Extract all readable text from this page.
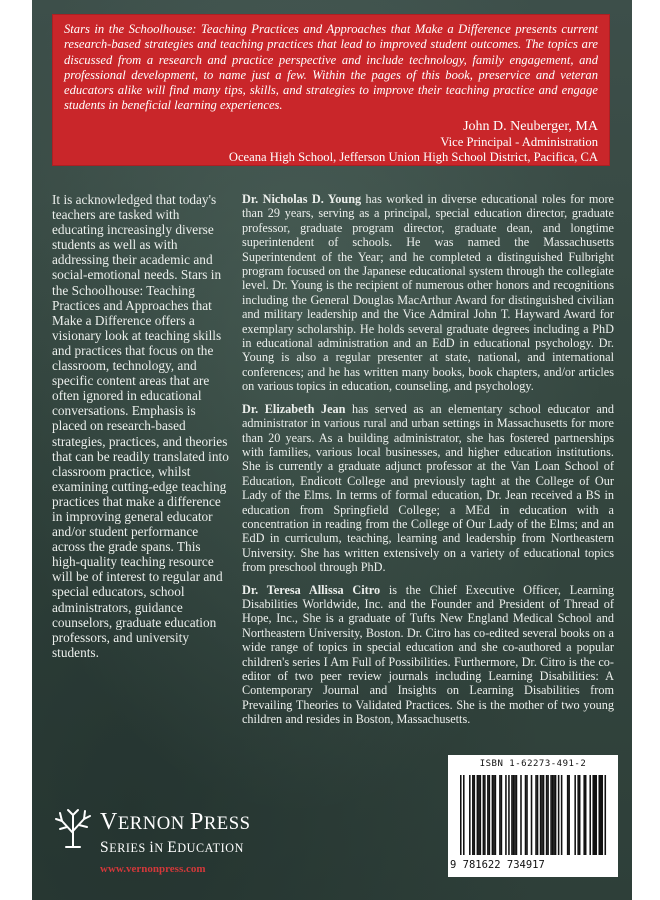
Stars in the Schoolhouse: Teaching Practices and Approaches that Make a Difference presents current research-based strategies and teaching practices that lead to improved student outcomes. The topics are discussed from a research and practice perspective and include technology, family engagement, and professional development, to name just a few. Within the pages of this book, preservice and veteran educators alike will find many tips, skills, and strategies to improve their teaching practice and engage students in beneficial learning experiences.

John D. Neuberger, MA
Vice Principal - Administration
Oceana High School, Jefferson Union High School District, Pacifica, CA
It is acknowledged that today's teachers are tasked with educating increasingly diverse students as well as with addressing their academic and social-emotional needs. Stars in the Schoolhouse: Teaching Practices and Approaches that Make a Difference offers a visionary look at teaching skills and practices that focus on the classroom, technology, and specific content areas that are often ignored in educational conversations. Emphasis is placed on research-based strategies, practices, and theories that can be readily translated into classroom practice, whilst examining cutting-edge teaching practices that make a difference in improving general educator and/or student performance across the grade spans. This high-quality teaching resource will be of interest to regular and special educators, school administrators, guidance counselors, graduate education professors, and university students.

Dr. Nicholas D. Young has worked in diverse educational roles for more than 29 years, serving as a principal, special education director, graduate professor, graduate program director, graduate dean, and longtime superintendent of schools. He was named the Massachusetts Superintendent of the Year; and he completed a distinguished Fulbright program focused on the Japanese educational system through the collegiate level. Dr. Young is the recipient of numerous other honors and recognitions including the General Douglas MacArthur Award for distinguished civilian and military leadership and the Vice Admiral John T. Hayward Award for exemplary scholarship. He holds several graduate degrees including a PhD in educational administration and an EdD in educational psychology. Dr. Young is also a regular presenter at state, national, and international conferences; and he has written many books, book chapters, and/or articles on various topics in education, counseling, and psychology.

Dr. Elizabeth Jean has served as an elementary school educator and administrator in various rural and urban settings in Massachusetts for more than 20 years. As a building administrator, she has fostered partnerships with families, various local businesses, and higher education institutions. She is currently a graduate adjunct professor at the Van Loan School of Education, Endicott College and previously taght at the College of Our Lady of the Elms. In terms of formal education, Dr. Jean received a BS in education from Springfield College; a MEd in education with a concentration in reading from the College of Our Lady of the Elms; and an EdD in curriculum, teaching, learning and leadership from Northeastern University. She has written extensively on a variety of educational topics from preschool through PhD.

Dr. Teresa Allissa Citro is the Chief Executive Officer, Learning Disabilities Worldwide, Inc. and the Founder and President of Thread of Hope, Inc., She is a graduate of Tufts New England Medical School and Northeastern University, Boston. Dr. Citro has co-edited several books on a wide range of topics in special education and she co-authored a popular children's series I Am Full of Possibilities. Furthermore, Dr. Citro is the co-editor of two peer review journals including Learning Disabilities: A Contemporary Journal and Insights on Learning Disabilities from Prevailing Theories to Validated Practices. She is the mother of two young children and resides in Boston, Massachusetts.

VERNON PRESS
SERIES iN EDUCATION
www.vernonpress.com
ISBN 1-62273-491-2
9 781622 734917
